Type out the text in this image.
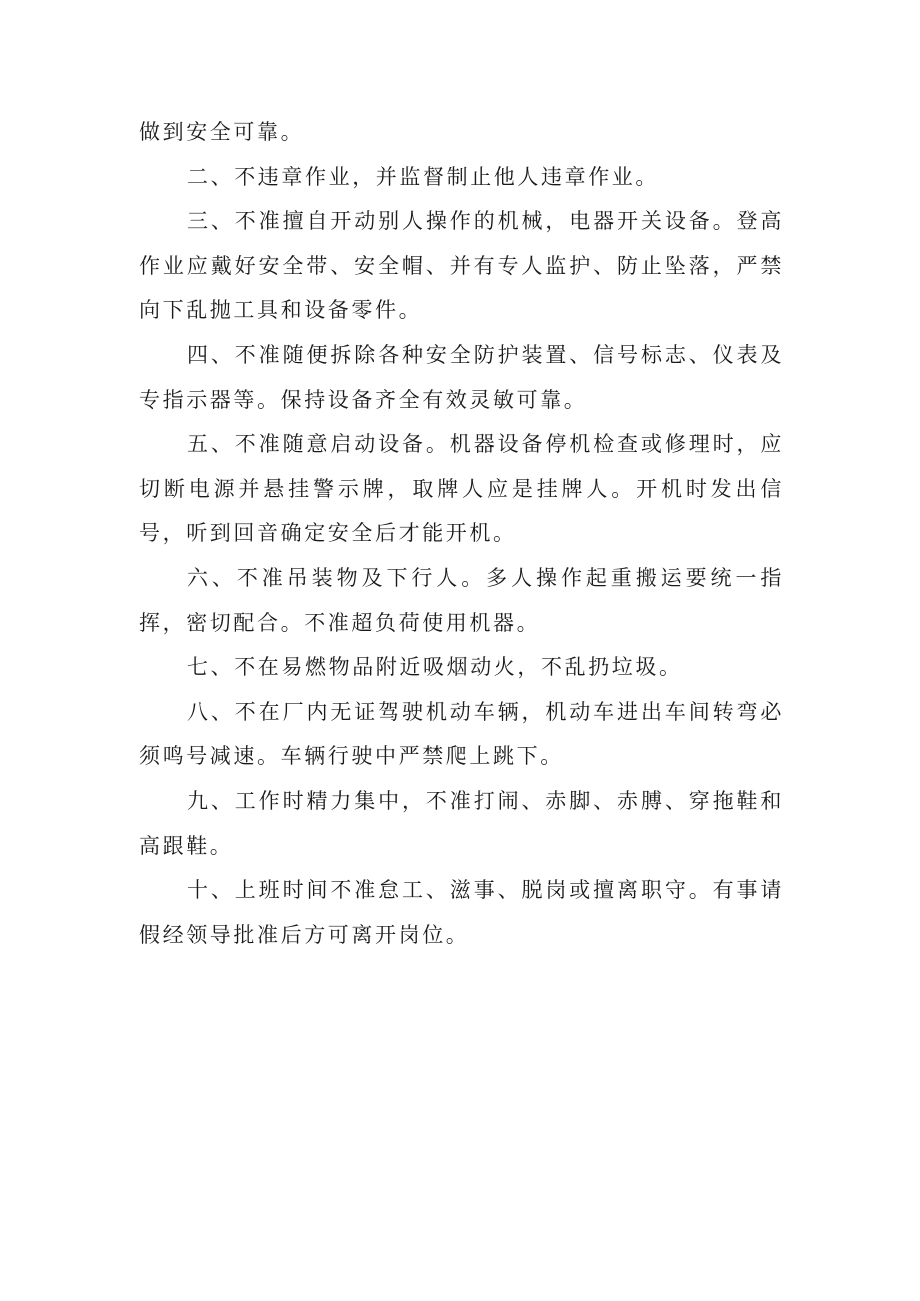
做到安全可靠。

二、不违章作业，并监督制止他人违章作业。

三、不准擅自开动别人操作的机械，电器开关设备。登高作业应戴好安全带、安全帽、并有专人监护、防止坠落，严禁向下乱抛工具和设备零件。

四、不准随便拆除各种安全防护装置、信号标志、仪表及专指示器等。保持设备齐全有效灵敏可靠。

五、不准随意启动设备。机器设备停机检查或修理时，应切断电源并悬挂警示牌，取牌人应是挂牌人。开机时发出信号，听到回音确定安全后才能开机。

六、不准吊装物及下行人。多人操作起重搬运要统一指挥，密切配合。不准超负荷使用机器。

七、不在易燃物品附近吸烟动火，不乱扔垃圾。

八、不在厂内无证驾驶机动车辆，机动车进出车间转弯必须鸣号减速。车辆行驶中严禁爬上跳下。

九、工作时精力集中，不准打闹、赤脚、赤膊、穿拖鞋和高跟鞋。

十、上班时间不准怠工、滋事、脱岗或擅离职守。有事请假经领导批准后方可离开岗位。
